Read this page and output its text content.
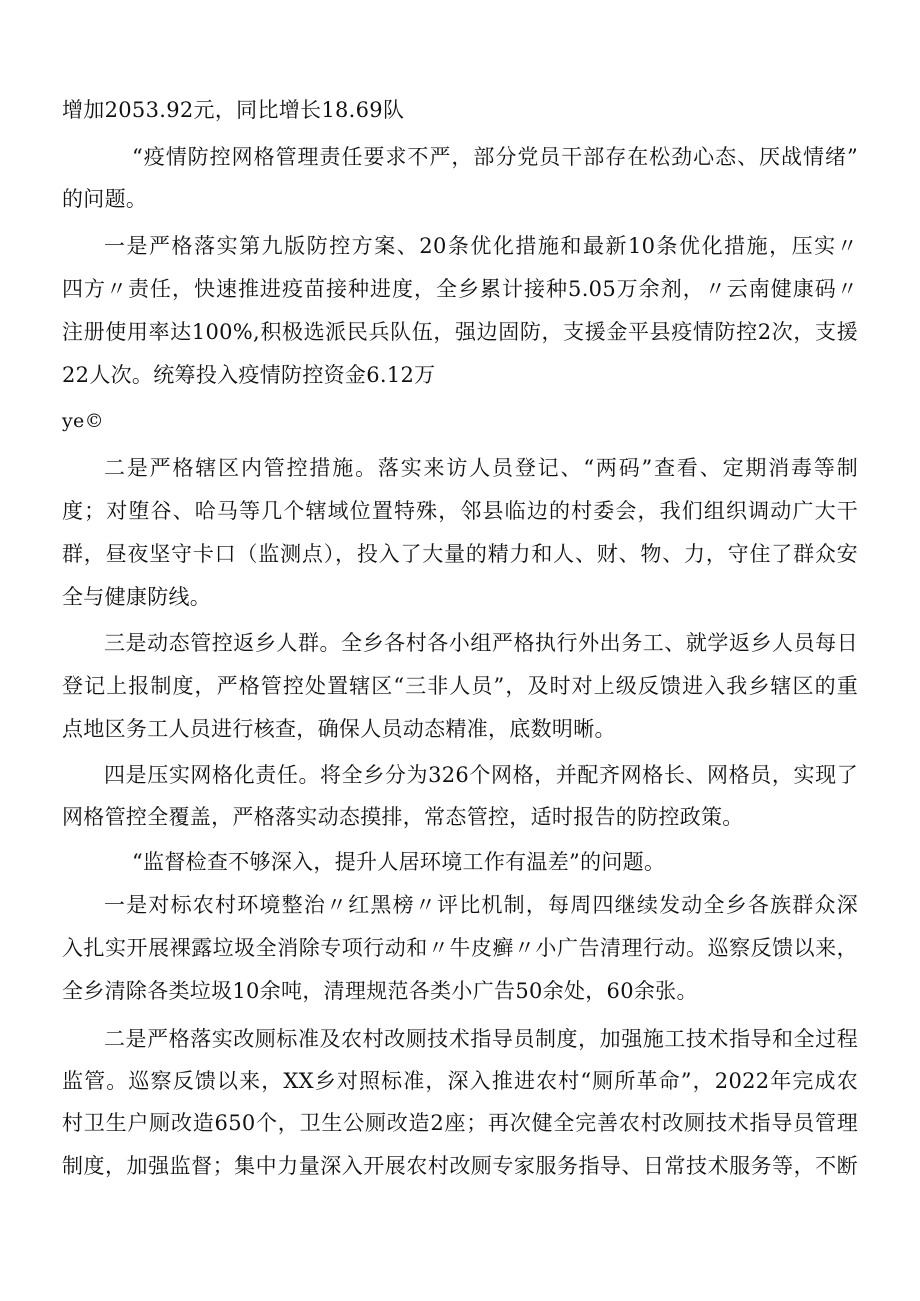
增加2053.92元，同比增长18.69队
“疫情防控网格管理责任要求不严，部分党员干部存在松劲心态、厌战情绪”
的问题。
一是严格落实第九版防控方案、20条优化措施和最新10条优化措施，压实〃
四方〃责任，快速推进疫苗接种进度，全乡累计接种5.05万余剂，〃云南健康码〃
注册使用率达100%,积极选派民兵队伍，强边固防，支援金平县疫情防控2次，支援
22人次。统筹投入疫情防控资金6.12万
ye©
二是严格辖区内管控措施。落实来访人员登记、“两码”查看、定期消毒等制
度；对堕谷、哈马等几个辖域位置特殊，邻县临边的村委会，我们组织调动广大干
群，昼夜坚守卡口（监测点），投入了大量的精力和人、财、物、力，守住了群众安
全与健康防线。
三是动态管控返乡人群。全乡各村各小组严格执行外出务工、就学返乡人员每日
登记上报制度，严格管控处置辖区“三非人员”，及时对上级反馈进入我乡辖区的重
点地区务工人员进行核查，确保人员动态精准，底数明晰。
四是压实网格化责任。将全乡分为326个网格，并配齐网格长、网格员，实现了
网格管控全覆盖，严格落实动态摸排，常态管控，适时报告的防控政策。
“监督检查不够深入，提升人居环境工作有温差”的问题。
一是对标农村环境整治〃红黑榜〃评比机制，每周四继续发动全乡各族群众深
入扎实开展裸露垃圾全消除专项行动和〃牛皮癣〃小广告清理行动。巡察反馈以来，
全乡清除各类垃圾10余吨，清理规范各类小广告50余处，60余张。
二是严格落实改厕标准及农村改厕技术指导员制度，加强施工技术指导和全过程
监管。巡察反馈以来，XX乡对照标准，深入推进农村“厕所革命”，2022年完成农
村卫生户厕改造650个，卫生公厕改造2座；再次健全完善农村改厕技术指导员管理
制度，加强监督；集中力量深入开展农村改厕专家服务指导、日常技术服务等，不断
